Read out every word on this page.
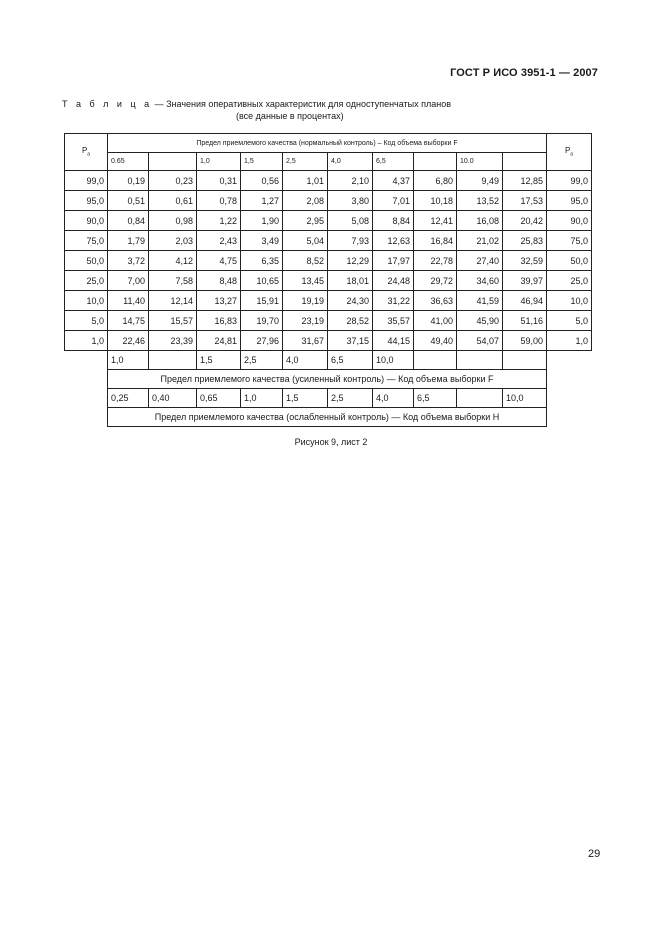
ГОСТ Р ИСО 3951-1 — 2007
Т а б л и ц а — Значения оперативных характеристик для одноступенчатых планов
(все данные в процентах)
$P_a$	Предел приемлемого качества (нормальный контроль) – Код объема выборки F										$P_a$
	0.65		1,0	1,5	2,5	4,0	6,5		10.0		
99,0	0,19	0,23	0,31	0,56	1,01	2,10	4,37	6,80	9,49	12,85	99,0
95,0	0,51	0,61	0,78	1,27	2,08	3,80	7,01	10,18	13,52	17,53	95,0
90,0	0,84	0,98	1,22	1,90	2,95	5,08	8,84	12,41	16,08	20,42	90,0
75,0	1,79	2,03	2,43	3,49	5,04	7,93	12,63	16,84	21,02	25,83	75,0
50,0	3,72	4,12	4,75	6,35	8,52	12,29	17,97	22,78	27,40	32,59	50,0
25,0	7,00	7,58	8,48	10,65	13,45	18,01	24,48	29,72	34,60	39,97	25,0
10,0	11,40	12,14	13,27	15,91	19,19	24,30	31,22	36,63	41,59	46,94	10,0
5,0	14,75	15,57	16,83	19,70	23,19	28,52	35,57	41,00	45,90	51,16	5,0
1,0	22,46	23,39	24,81	27,96	31,67	37,15	44,15	49,40	54,07	59,00	1,0
	1,0		1,5	2,5	4,0	6,5	10,0				
	Предел приемлемого качества (усиленный контроль) — Код объема выборки F										
	0,25	0,40	0,65	1,0	1,5	2,5	4,0	6,5		10,0	
	Предел приемлемого качества (ослабленный контроль) — Код объема выборки H										
Рисунок 9, лист 2
29
